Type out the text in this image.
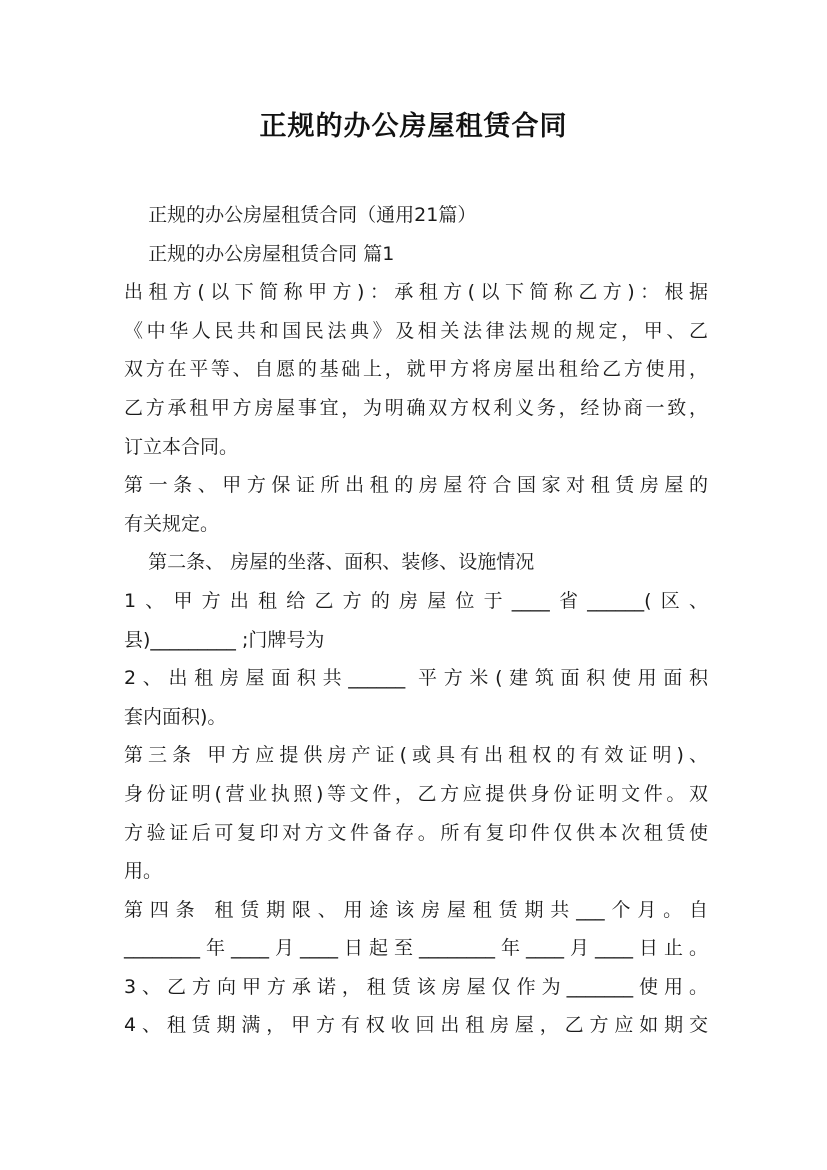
正规的办公房屋租赁合同
正规的办公房屋租赁合同（通用21篇）
正规的办公房屋租赁合同 篇1
出租方(以下简称甲方)：承租方(以下简称乙方)：根据
《中华人民共和国民法典》及相关法律法规的规定，甲、乙
双方在平等、自愿的基础上，就甲方将房屋出租给乙方使用，
乙方承租甲方房屋事宜，为明确双方权利义务，经协商一致，
订立本合同。
第一条、甲方保证所出租的房屋符合国家对租赁房屋的
有关规定。
第二条、 房屋的坐落、面积、装修、设施情况
1、甲方出租给乙方的房屋位于____省______(区、
县)_________ ;门牌号为
2、出租房屋面积共______ 平方米(建筑面积使用面积
套内面积)。
第三条 甲方应提供房产证(或具有出租权的有效证明)、
身份证明(营业执照)等文件，乙方应提供身份证明文件。双
方验证后可复印对方文件备存。所有复印件仅供本次租赁使
用。
第四条 租赁期限、用途该房屋租赁期共___个月。自
________年____月____日起至________年____月____日止。
3、乙方向甲方承诺，租赁该房屋仅作为_______使用。
4、租赁期满，甲方有权收回出租房屋，乙方应如期交
